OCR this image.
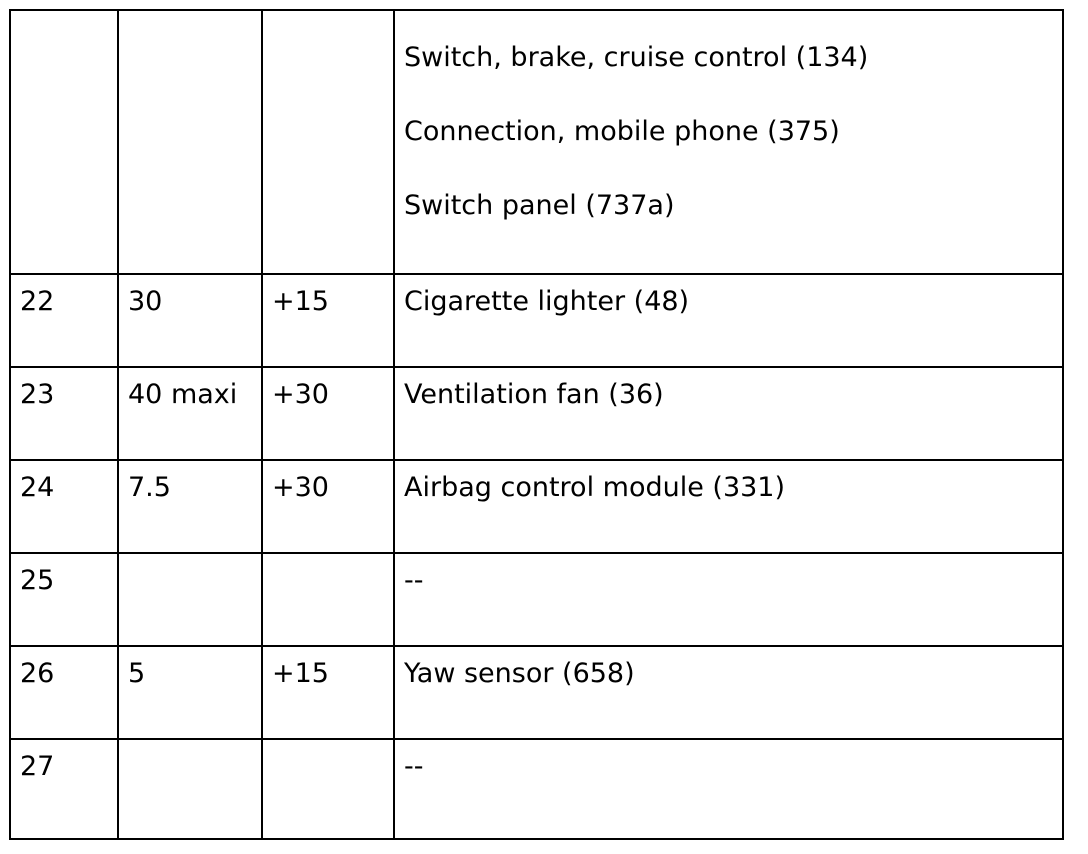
			Switch, brake, cruise control (134)
Connection, mobile phone (375)
Switch panel (737a)

22	30	+15	Cigarette lighter (48)
23	40 maxi	+30	Ventilation fan (36)
24	7.5	+30	Airbag control module (331)
25			--
26	5	+15	Yaw sensor (658)
27			--
